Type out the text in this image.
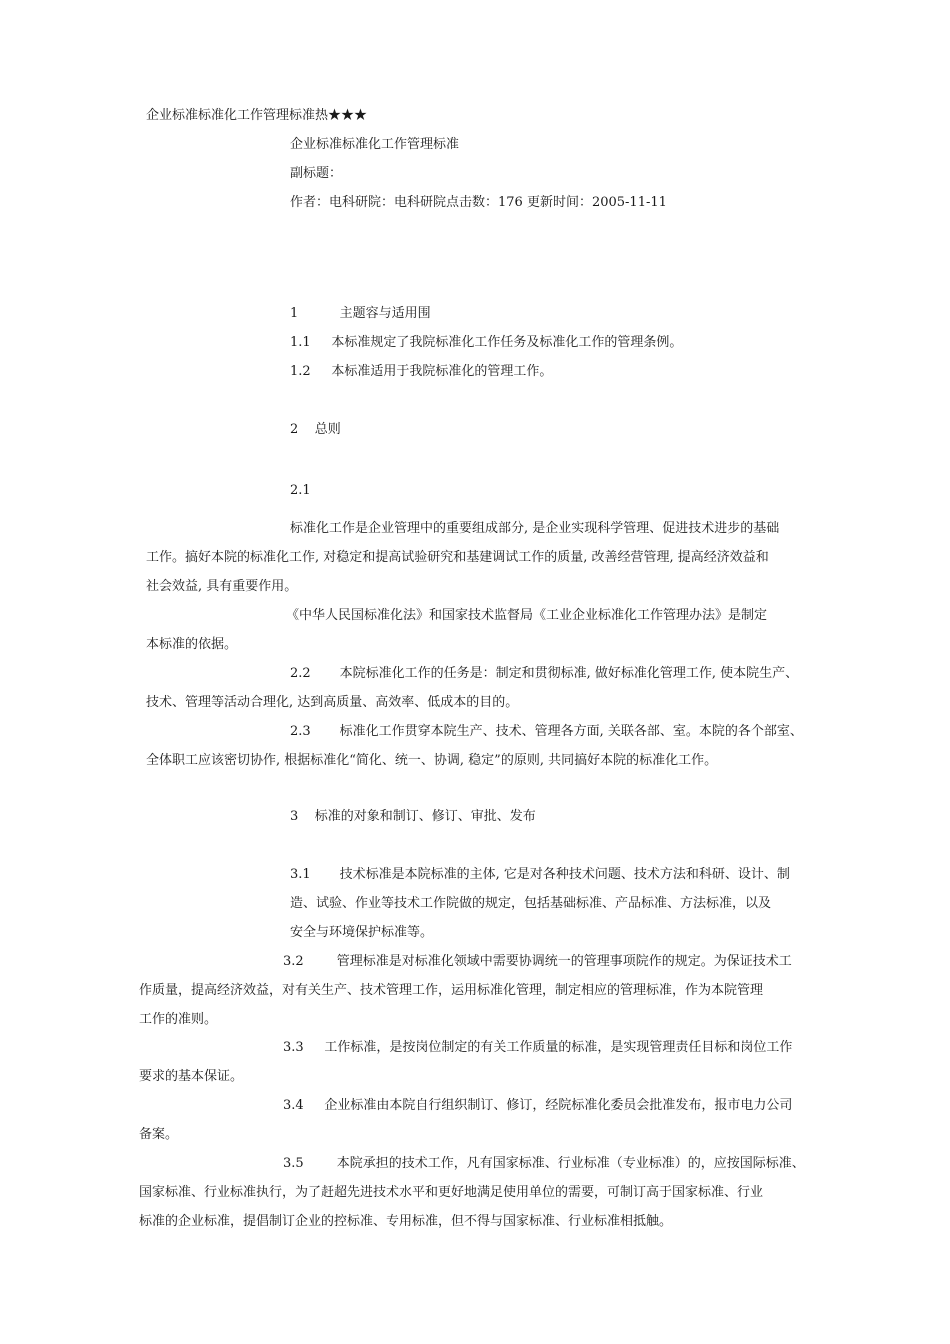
企业标准标准化工作管理标准热★★★
企业标准标准化工作管理标准
副标题：
作者：电科研院：电科研院点击数：176 更新时间：2005-11-11
1          主题容与适用围
1.1     本标准规定了我院标准化工作任务及标准化工作的管理条例。
1.2     本标准适用于我院标准化的管理工作。
2    总则
2.1
标准化工作是企业管理中的重要组成部分, 是企业实现科学管理、促进技术进步的基础
工作。搞好本院的标准化工作, 对稳定和提高试验研究和基建调试工作的质量, 改善经营管理, 提高经济效益和
社会效益, 具有重要作用。
《中华人民国标准化法》和国家技术监督局《工业企业标准化工作管理办法》是制定
本标准的依据。
2.2       本院标准化工作的任务是：制定和贯彻标准, 做好标准化管理工作, 使本院生产、
技术、管理等活动合理化, 达到高质量、高效率、低成本的目的。
2.3       标准化工作贯穿本院生产、技术、管理各方面, 关联各部、室。本院的各个部室、
全体职工应该密切协作, 根据标准化“简化、统一、协调, 稳定”的原则, 共同搞好本院的标准化工作。
3    标准的对象和制订、修订、审批、发布
3.1       技术标准是本院标准的主体, 它是对各种技术问题、技术方法和科研、设计、制
造、试验、作业等技术工作院做的规定，包括基础标准、产品标准、方法标准，以及
安全与环境保护标准等。
3.2        管理标准是对标准化领域中需要协调统一的管理事项院作的规定。为保证技术工
作质量，提高经济效益，对有关生产、技术管理工作，运用标准化管理，制定相应的管理标准，作为本院管理
工作的准则。
3.3     工作标准，是按岗位制定的有关工作质量的标准，是实现管理责任目标和岗位工作
要求的基本保证。
3.4     企业标准由本院自行组织制订、修订，经院标准化委员会批准发布，报市电力公司
备案。
3.5        本院承担的技术工作，凡有国家标准、行业标准（专业标准）的，应按国际标准、
国家标准、行业标准执行，为了赶超先进技术水平和更好地满足使用单位的需要，可制订高于国家标准、行业
标准的企业标准，提倡制订企业的控标准、专用标准，但不得与国家标准、行业标准相抵触。
